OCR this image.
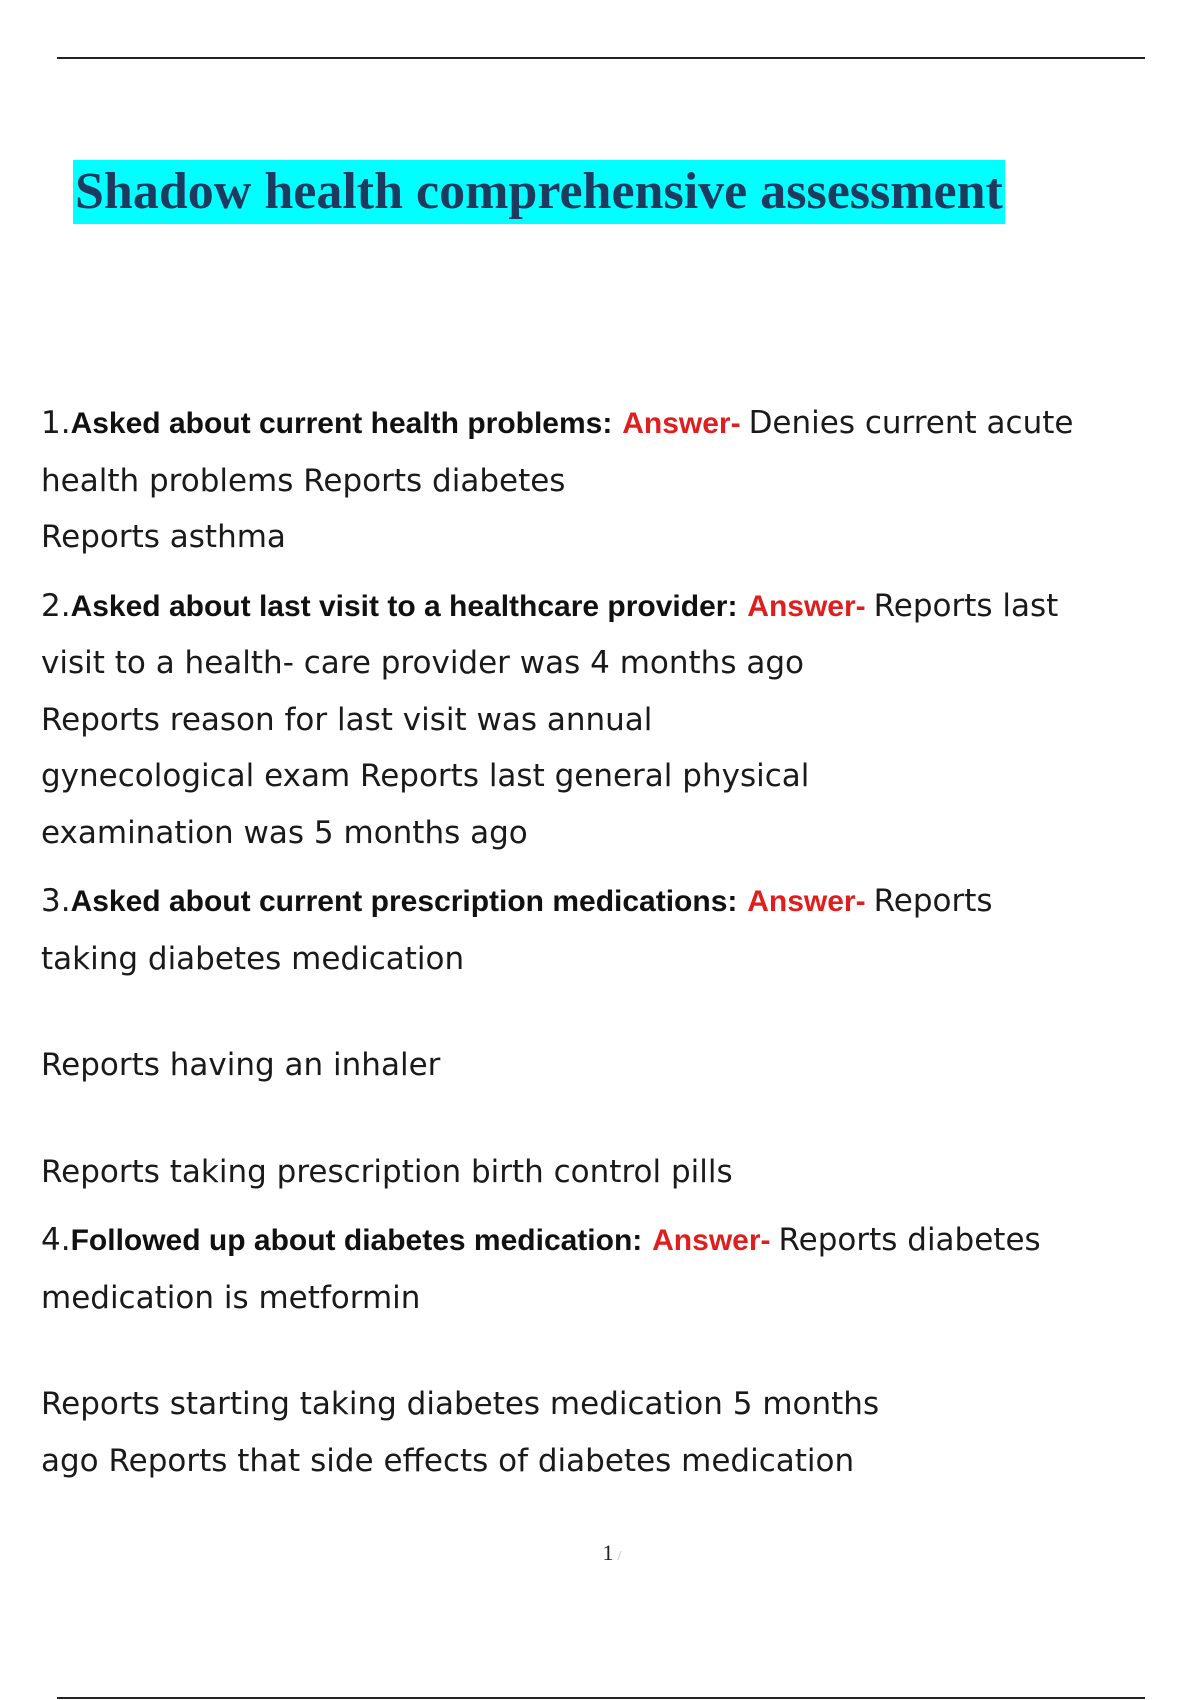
Shadow health comprehensive assessment
1.Asked about current health problems: Answer- Denies current acute
health problems Reports diabetes
Reports asthma
2.Asked about last visit to a healthcare provider: Answer- Reports last
visit to a health- care provider was 4 months ago
Reports reason for last visit was annual
gynecological exam Reports last general physical
examination was 5 months ago
3.Asked about current prescription medications: Answer- Reports
taking diabetes medication
Reports having an inhaler
Reports taking prescription birth control pills
4.Followed up about diabetes medication: Answer- Reports diabetes
medication is metformin
Reports starting taking diabetes medication 5 months
ago Reports that side effects of diabetes medication
1 /
